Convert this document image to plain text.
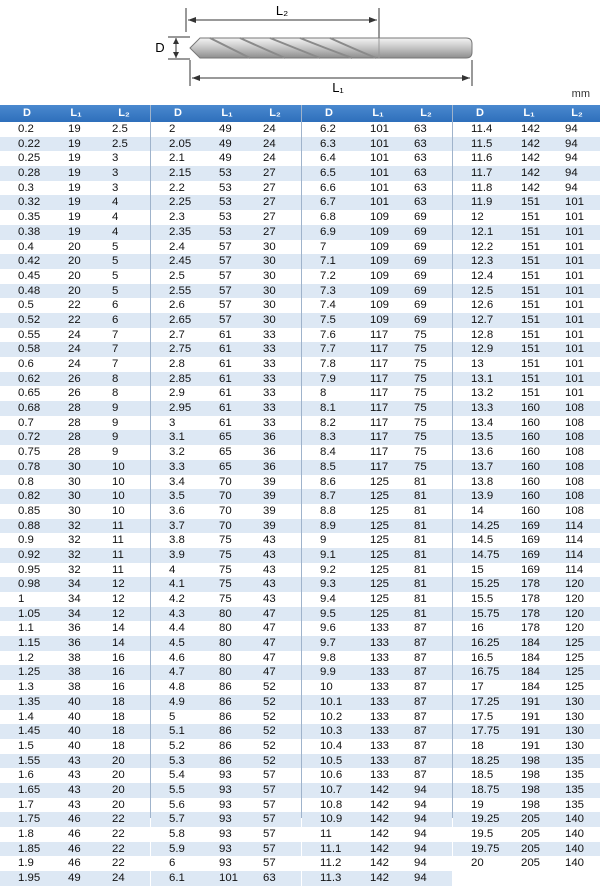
L₂
D
L₁	mm
D	L₁	L₂
0.2	19	2.5
0.22	19	2.5
0.25	19	3
0.28	19	3
0.3	19	3
0.32	19	4
0.35	19	4
0.38	19	4
0.4	20	5
0.42	20	5
0.45	20	5
0.48	20	5
0.5	22	6
0.52	22	6
0.55	24	7
0.58	24	7
0.6	24	7
0.62	26	8
0.65	26	8
0.68	28	9
0.7	28	9
0.72	28	9
0.75	28	9
0.78	30	10
0.8	30	10
0.82	30	10
0.85	30	10
0.88	32	11
0.9	32	11
0.92	32	11
0.95	32	11
0.98	34	12
1	34	12
1.05	34	12
1.1	36	14
1.15	36	14
1.2	38	16
1.25	38	16
1.3	38	16
1.35	40	18
1.4	40	18
1.45	40	18
1.5	40	18
1.55	43	20
1.6	43	20
1.65	43	20
1.7	43	20
1.75	46	22
1.8	46	22
1.85	46	22
1.9	46	22
1.95	49	24
D	L₁	L₂
2	49	24
2.05	49	24
2.1	49	24
2.15	53	27
2.2	53	27
2.25	53	27
2.3	53	27
2.35	53	27
2.4	57	30
2.45	57	30
2.5	57	30
2.55	57	30
2.6	57	30
2.65	57	30
2.7	61	33
2.75	61	33
2.8	61	33
2.85	61	33
2.9	61	33
2.95	61	33
3	61	33
3.1	65	36
3.2	65	36
3.3	65	36
3.4	70	39
3.5	70	39
3.6	70	39
3.7	70	39
3.8	75	43
3.9	75	43
4	75	43
4.1	75	43
4.2	75	43
4.3	80	47
4.4	80	47
4.5	80	47
4.6	80	47
4.7	80	47
4.8	86	52
4.9	86	52
5	86	52
5.1	86	52
5.2	86	52
5.3	86	52
5.4	93	57
5.5	93	57
5.6	93	57
5.7	93	57
5.8	93	57
5.9	93	57
6	93	57
6.1	101	63
D	L₁	L₂
6.2	101	63
6.3	101	63
6.4	101	63
6.5	101	63
6.6	101	63
6.7	101	63
6.8	109	69
6.9	109	69
7	109	69
7.1	109	69
7.2	109	69
7.3	109	69
7.4	109	69
7.5	109	69
7.6	117	75
7.7	117	75
7.8	117	75
7.9	117	75
8	117	75
8.1	117	75
8.2	117	75
8.3	117	75
8.4	117	75
8.5	117	75
8.6	125	81
8.7	125	81
8.8	125	81
8.9	125	81
9	125	81
9.1	125	81
9.2	125	81
9.3	125	81
9.4	125	81
9.5	125	81
9.6	133	87
9.7	133	87
9.8	133	87
9.9	133	87
10	133	87
10.1	133	87
10.2	133	87
10.3	133	87
10.4	133	87
10.5	133	87
10.6	133	87
10.7	142	94
10.8	142	94
10.9	142	94
11	142	94
11.1	142	94
11.2	142	94
11.3	142	94
D	L₁	L₂
11.4	142	94
11.5	142	94
11.6	142	94
11.7	142	94
11.8	142	94
11.9	151	101
12	151	101
12.1	151	101
12.2	151	101
12.3	151	101
12.4	151	101
12.5	151	101
12.6	151	101
12.7	151	101
12.8	151	101
12.9	151	101
13	151	101
13.1	151	101
13.2	151	101
13.3	160	108
13.4	160	108
13.5	160	108
13.6	160	108
13.7	160	108
13.8	160	108
13.9	160	108
14	160	108
14.25	169	114
14.5	169	114
14.75	169	114
15	169	114
15.25	178	120
15.5	178	120
15.75	178	120
16	178	120
16.25	184	125
16.5	184	125
16.75	184	125
17	184	125
17.25	191	130
17.5	191	130
17.75	191	130
18	191	130
18.25	198	135
18.5	198	135
18.75	198	135
19	198	135
19.25	205	140
19.5	205	140
19.75	205	140
20	205	140
